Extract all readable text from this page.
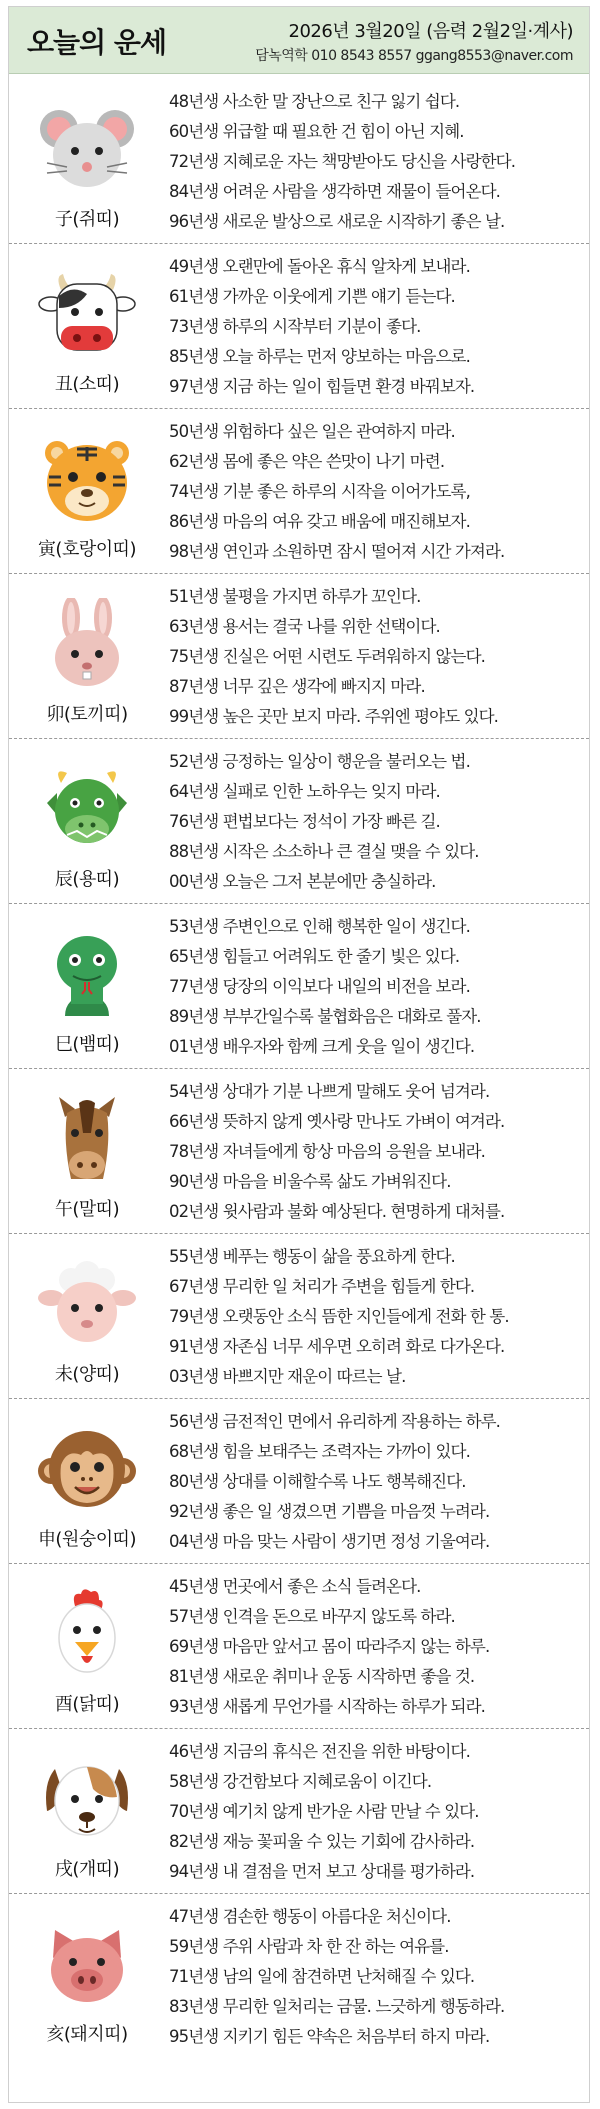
오늘의 운세	2026년 3월20일 (음력 2월2일·계사)
담녹역학 010 8543 8557 ggang8553@naver.com
子(쥐띠)
48년생 사소한 말 장난으로 친구 잃기 쉽다.
60년생 위급할 때 필요한 건 힘이 아닌 지혜.
72년생 지혜로운 자는 책망받아도 당신을 사랑한다.
84년생 어려운 사람을 생각하면 재물이 들어온다.
96년생 새로운 발상으로 새로운 시작하기 좋은 날.
丑(소띠)
49년생 오랜만에 돌아온 휴식 알차게 보내라.
61년생 가까운 이웃에게 기쁜 얘기 듣는다.
73년생 하루의 시작부터 기분이 좋다.
85년생 오늘 하루는 먼저 양보하는 마음으로.
97년생 지금 하는 일이 힘들면 환경 바꿔보자.
寅(호랑이띠)
50년생 위험하다 싶은 일은 관여하지 마라.
62년생 몸에 좋은 약은 쓴맛이 나기 마련.
74년생 기분 좋은 하루의 시작을 이어가도록,
86년생 마음의 여유 갖고 배움에 매진해보자.
98년생 연인과 소원하면 잠시 떨어져 시간 가져라.
卯(토끼띠)
51년생 불평을 가지면 하루가 꼬인다.
63년생 용서는 결국 나를 위한 선택이다.
75년생 진실은 어떤 시련도 두려워하지 않는다.
87년생 너무 깊은 생각에 빠지지 마라.
99년생 높은 곳만 보지 마라. 주위엔 평야도 있다.
辰(용띠)
52년생 긍정하는 일상이 행운을 불러오는 법.
64년생 실패로 인한 노하우는 잊지 마라.
76년생 편법보다는 정석이 가장 빠른 길.
88년생 시작은 소소하나 큰 결실 맺을 수 있다.
00년생 오늘은 그저 본분에만 충실하라.
巳(뱀띠)
53년생 주변인으로 인해 행복한 일이 생긴다.
65년생 힘들고 어려워도 한 줄기 빛은 있다.
77년생 당장의 이익보다 내일의 비전을 보라.
89년생 부부간일수록 불협화음은 대화로 풀자.
01년생 배우자와 함께 크게 웃을 일이 생긴다.
午(말띠)
54년생 상대가 기분 나쁘게 말해도 웃어 넘겨라.
66년생 뜻하지 않게 옛사랑 만나도 가벼이 여겨라.
78년생 자녀들에게 항상 마음의 응원을 보내라.
90년생 마음을 비울수록 삶도 가벼워진다.
02년생 윗사람과 불화 예상된다. 현명하게 대처를.
未(양띠)
55년생 베푸는 행동이 삶을 풍요하게 한다.
67년생 무리한 일 처리가 주변을 힘들게 한다.
79년생 오랫동안 소식 뜸한 지인들에게 전화 한 통.
91년생 자존심 너무 세우면 오히려 화로 다가온다.
03년생 바쁘지만 재운이 따르는 날.
申(원숭이띠)
56년생 금전적인 면에서 유리하게 작용하는 하루.
68년생 힘을 보태주는 조력자는 가까이 있다.
80년생 상대를 이해할수록 나도 행복해진다.
92년생 좋은 일 생겼으면 기쁨을 마음껏 누려라.
04년생 마음 맞는 사람이 생기면 정성 기울여라.
酉(닭띠)
45년생 먼곳에서 좋은 소식 들려온다.
57년생 인격을 돈으로 바꾸지 않도록 하라.
69년생 마음만 앞서고 몸이 따라주지 않는 하루.
81년생 새로운 취미나 운동 시작하면 좋을 것.
93년생 새롭게 무언가를 시작하는 하루가 되라.
戌(개띠)
46년생 지금의 휴식은 전진을 위한 바탕이다.
58년생 강건함보다 지혜로움이 이긴다.
70년생 예기치 않게 반가운 사람 만날 수 있다.
82년생 재능 꽃피울 수 있는 기회에 감사하라.
94년생 내 결점을 먼저 보고 상대를 평가하라.
亥(돼지띠)
47년생 겸손한 행동이 아름다운 처신이다.
59년생 주위 사람과 차 한 잔 하는 여유를.
71년생 남의 일에 참견하면 난처해질 수 있다.
83년생 무리한 일처리는 금물. 느긋하게 행동하라.
95년생 지키기 힘든 약속은 처음부터 하지 마라.
